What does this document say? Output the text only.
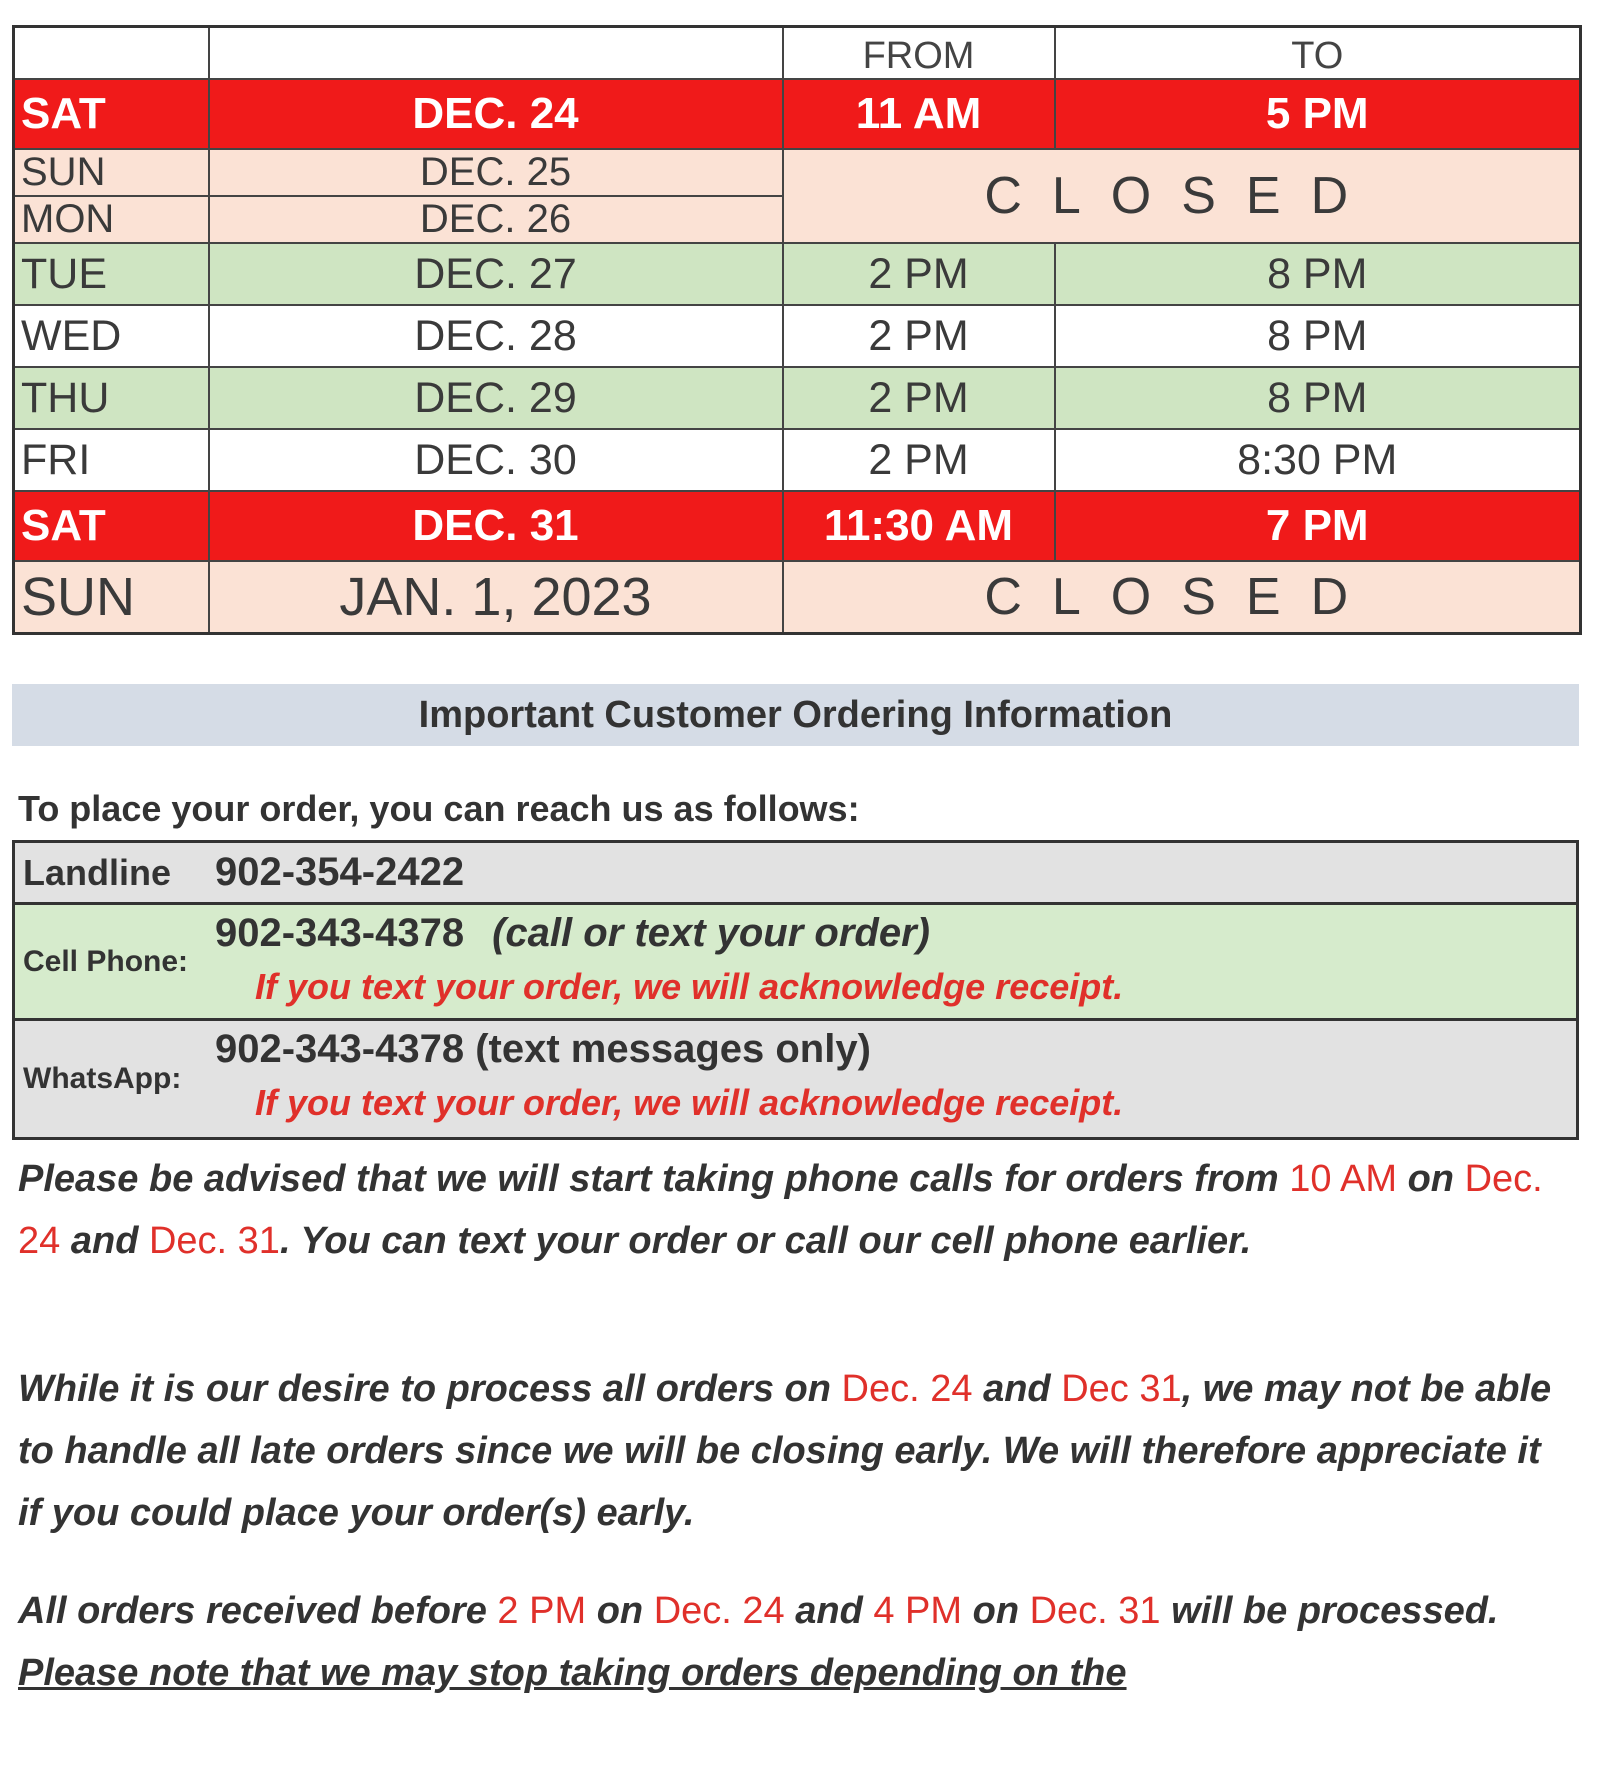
		FROM	TO
SAT	DEC. 24	11 AM	5 PM
SUN	DEC. 25	CLOSED	
MON	DEC. 26		
TUE	DEC. 27	2 PM	8 PM
WED	DEC. 28	2 PM	8 PM
THU	DEC. 29	2 PM	8 PM
FRI	DEC. 30	2 PM	8:30 PM
SAT	DEC. 31	11:30 AM	7 PM
SUN	JAN. 1, 2023	CLOSED	
Important Customer Ordering Information
To place your order, you can reach us as follows:
Landline	902-354-2422
Cell Phone:
902-343-4378 (call or text your order)
If you text your order, we will acknowledge receipt.
WhatsApp:
902-343-4378 (text messages only)
If you text your order, we will acknowledge receipt.
Please be advised that we will start taking phone calls for orders from 10 AM on Dec. 24 and Dec. 31. You can text your order or call our cell phone earlier.
While it is our desire to process all orders on Dec. 24 and Dec 31, we may not be able to handle all late orders since we will be closing early. We will therefore appreciate it if you could place your order(s) early.
All orders received before 2 PM on Dec. 24 and 4 PM on Dec. 31 will be processed. Please note that we may stop taking orders depending on the
